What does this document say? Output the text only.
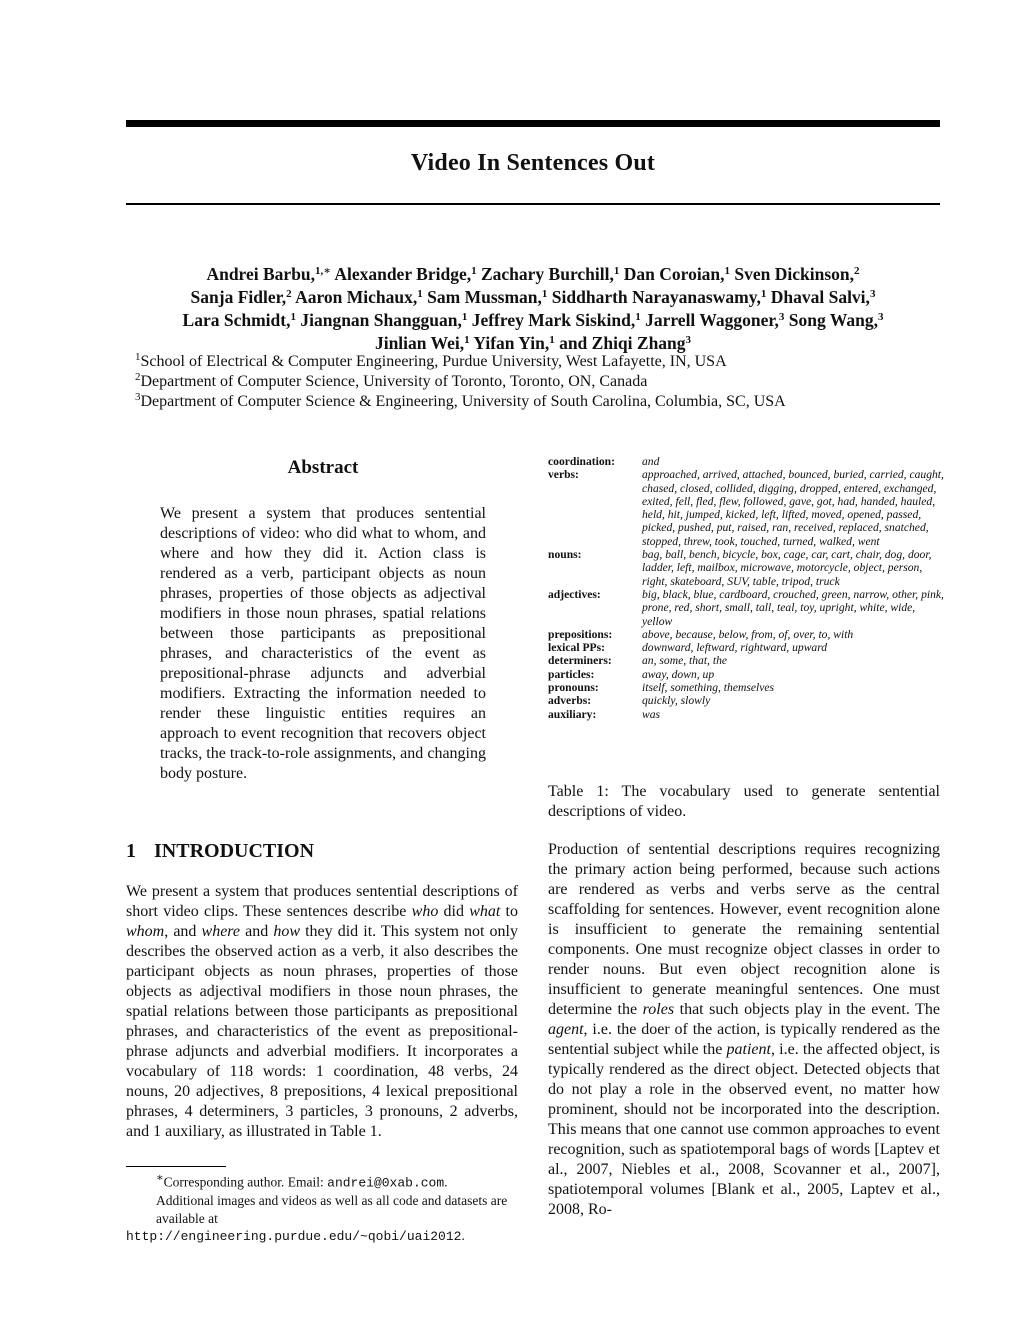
Video In Sentences Out
Andrei Barbu,$^{1,∗}$ Alexander Bridge,$^1$ Zachary Burchill,$^1$ Dan Coroian,$^1$ Sven Dickinson,$^2$
Sanja Fidler,$^2$ Aaron Michaux,$^1$ Sam Mussman,$^1$ Siddharth Narayanaswamy,$^1$ Dhaval Salvi,$^3$
Lara Schmidt,$^1$ Jiangnan Shangguan,$^1$ Jeffrey Mark Siskind,$^1$ Jarrell Waggoner,$^3$ Song Wang,$^3$
Jinlian Wei,$^1$ Yifan Yin,$^1$ and Zhiqi Zhang$^3$
$^1$School of Electrical & Computer Engineering, Purdue University, West Lafayette, IN, USA
$^2$Department of Computer Science, University of Toronto, Toronto, ON, Canada
$^3$Department of Computer Science & Engineering, University of South Carolina, Columbia, SC, USA
Abstract
We present a system that produces sentential descriptions of video: who did what to whom, and where and how they did it. Action class is rendered as a verb, participant objects as noun phrases, properties of those objects as adjectival modifiers in those noun phrases, spatial relations between those participants as prepositional phrases, and characteristics of the event as prepositional-phrase adjuncts and adverbial modifiers. Extracting the information needed to render these linguistic entities requires an approach to event recognition that recovers object tracks, the track-to-role assignments, and changing body posture.
1 INTRODUCTION
We present a system that produces sentential descriptions of short video clips. These sentences describe who did what to whom, and where and how they did it. This system not only describes the observed action as a verb, it also describes the participant objects as noun phrases, properties of those objects as adjectival modifiers in those noun phrases, the spatial relations between those participants as prepositional phrases, and characteristics of the event as prepositional-phrase adjuncts and adverbial modifiers. It incorporates a vocabulary of 118 words: 1 coordination, 48 verbs, 24 nouns, 20 adjectives, 8 prepositions, 4 lexical prepositional phrases, 4 determiners, 3 particles, 3 pronouns, 2 adverbs, and 1 auxiliary, as illustrated in Table 1.
∗Corresponding author. Email: andrei@0xab.com.
Additional images and videos as well as all code and datasets are available at
http://engineering.purdue.edu/~qobi/uai2012.
coordination:	and
verbs:	approached, arrived, attached, bounced, buried, carried, caught, chased, closed, collided, digging, dropped, entered, exchanged, exited, fell, fled, flew, followed, gave, got, had, handed, hauled, held, hit, jumped, kicked, left, lifted, moved, opened, passed, picked, pushed, put, raised, ran, received, replaced, snatched, stopped, threw, took, touched, turned, walked, went
nouns:	bag, ball, bench, bicycle, box, cage, car, cart, chair, dog, door, ladder, left, mailbox, microwave, motorcycle, object, person, right, skateboard, SUV, table, tripod, truck
adjectives:	big, black, blue, cardboard, crouched, green, narrow, other, pink, prone, red, short, small, tall, teal, toy, upright, white, wide, yellow
prepositions:	above, because, below, from, of, over, to, with
lexical PPs:	downward, leftward, rightward, upward
determiners:	an, some, that, the
particles:	away, down, up
pronouns:	itself, something, themselves
adverbs:	quickly, slowly
auxiliary:	was
Table 1: The vocabulary used to generate sentential descriptions of video.
Production of sentential descriptions requires recognizing the primary action being performed, because such actions are rendered as verbs and verbs serve as the central scaffolding for sentences. However, event recognition alone is insufficient to generate the remaining sentential components. One must recognize object classes in order to render nouns. But even object recognition alone is insufficient to generate meaningful sentences. One must determine the roles that such objects play in the event. The agent, i.e. the doer of the action, is typically rendered as the sentential subject while the patient, i.e. the affected object, is typically rendered as the direct object. Detected objects that do not play a role in the observed event, no matter how prominent, should not be incorporated into the description. This means that one cannot use common approaches to event recognition, such as spatiotemporal bags of words [Laptev et al., 2007, Niebles et al., 2008, Scovanner et al., 2007], spatiotemporal volumes [Blank et al., 2005, Laptev et al., 2008, Ro-
